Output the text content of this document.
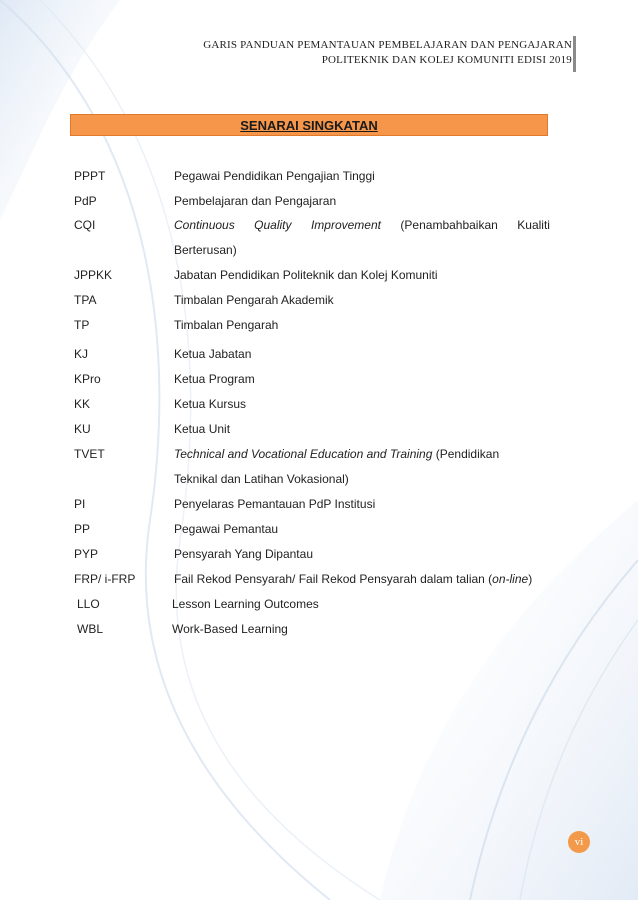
GARIS PANDUAN PEMANTAUAN PEMBELAJARAN DAN PENGAJARAN
POLITEKNIK DAN KOLEJ KOMUNITI EDISI 2019
SENARAI SINGKATAN
PPPT	Pegawai Pendidikan Pengajian Tinggi
PdP	Pembelajaran dan Pengajaran
CQI	Continuous Quality Improvement (Penambahbaikan Kualiti
Berterusan)
JPPKK	Jabatan Pendidikan Politeknik dan Kolej Komuniti
TPA	Timbalan Pengarah Akademik
TP	Timbalan Pengarah
KJ	Ketua Jabatan
KPro	Ketua Program
KK	Ketua Kursus
KU	Ketua Unit
TVET	Technical and Vocational Education and Training (Pendidikan
Teknikal dan Latihan Vokasional)
PI	Penyelaras Pemantauan PdP Institusi
PP	Pegawai Pemantau
PYP	Pensyarah Yang Dipantau
FRP/ i-FRP	Fail Rekod Pensyarah/ Fail Rekod Pensyarah dalam talian (on-line)
LLO	Lesson Learning Outcomes
WBL	Work-Based Learning
vi
